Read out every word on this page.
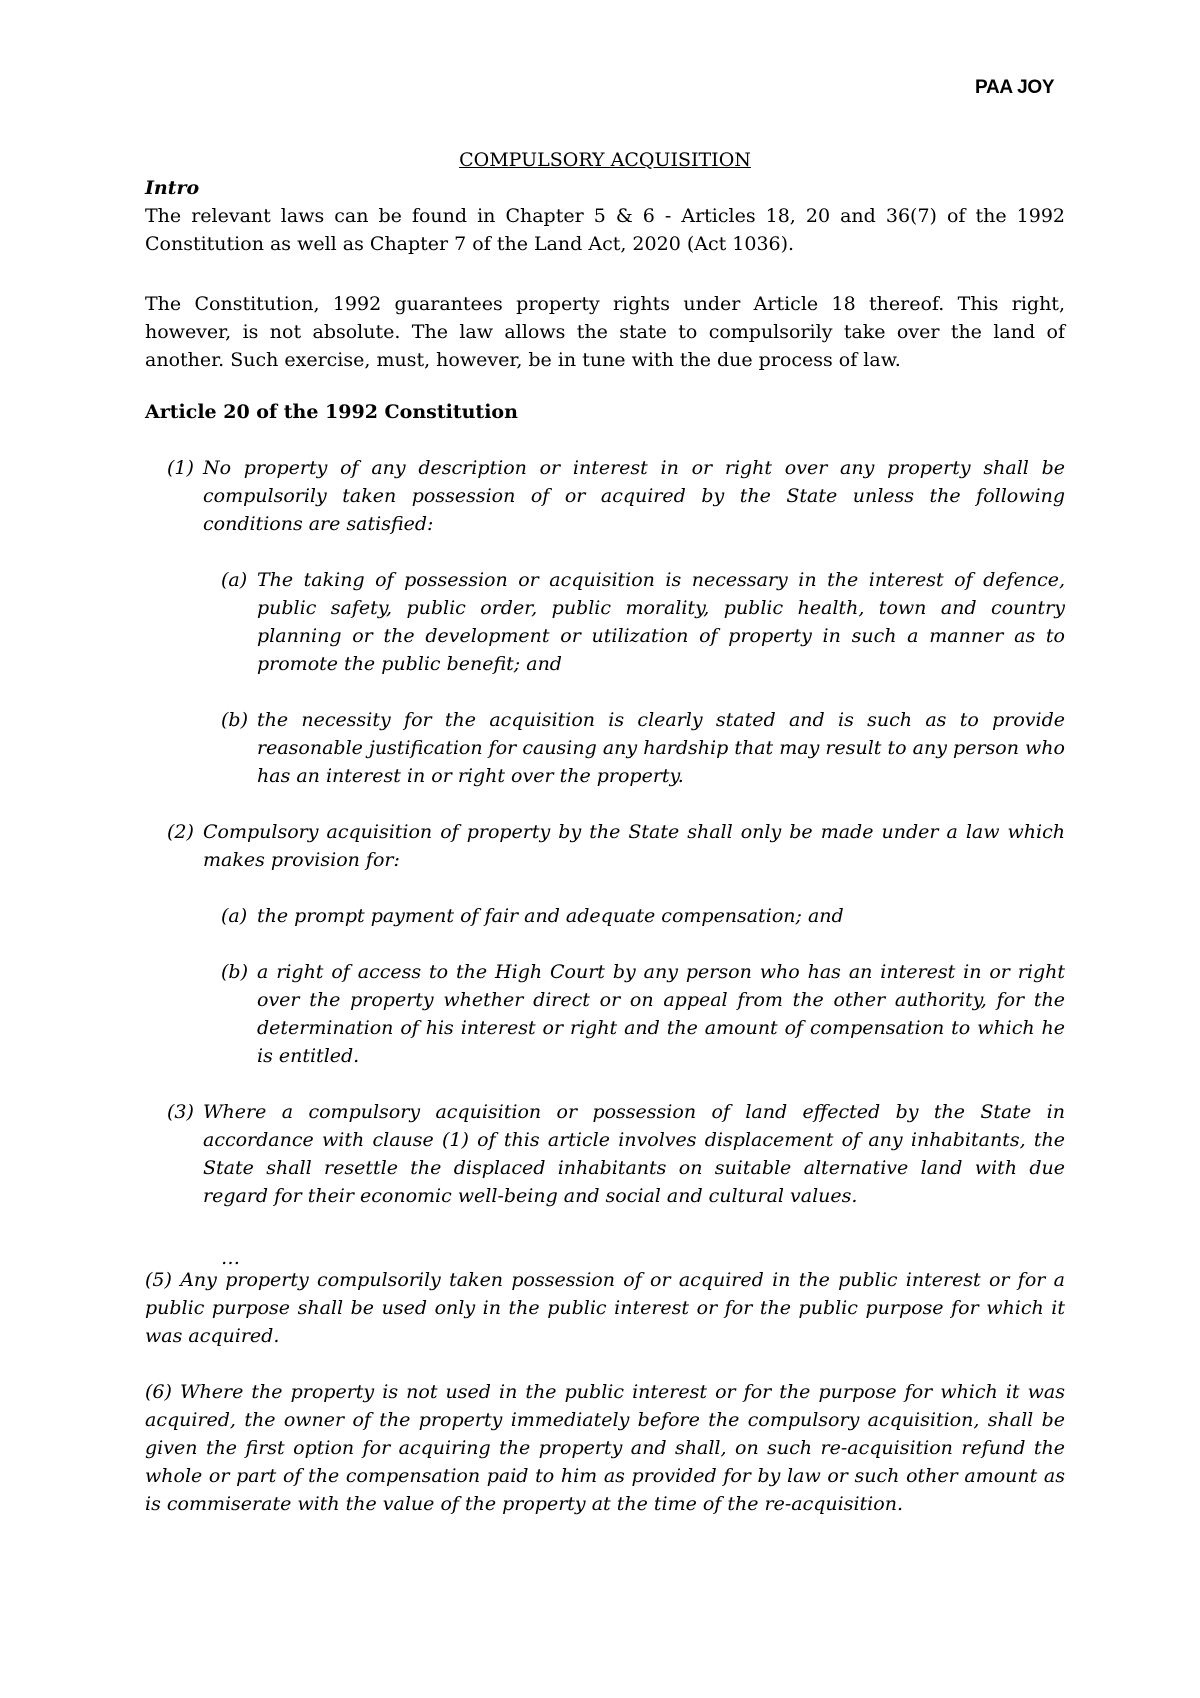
PAA JOY
COMPULSORY ACQUISITION
Intro
The relevant laws can be found in Chapter 5 & 6 - Articles 18, 20 and 36(7) of the 1992 Constitution as well as Chapter 7 of the Land Act, 2020 (Act 1036).
The Constitution, 1992 guarantees property rights under Article 18 thereof. This right, however, is not absolute. The law allows the state to compulsorily take over the land of another. Such exercise, must, however, be in tune with the due process of law.
Article 20 of the 1992 Constitution
(1) No property of any description or interest in or right over any property shall be compulsorily taken possession of or acquired by the State unless the following conditions are satisfied:
(a) The taking of possession or acquisition is necessary in the interest of defence, public safety, public order, public morality, public health, town and country planning or the development or utilization of property in such a manner as to promote the public benefit; and
(b) the necessity for the acquisition is clearly stated and is such as to provide reasonable justification for causing any hardship that may result to any person who has an interest in or right over the property.
(2) Compulsory acquisition of property by the State shall only be made under a law which makes provision for:
(a) the prompt payment of fair and adequate compensation; and
(b) a right of access to the High Court by any person who has an interest in or right over the property whether direct or on appeal from the other authority, for the determination of his interest or right and the amount of compensation to which he is entitled.
(3) Where a compulsory acquisition or possession of land effected by the State in accordance with clause (1) of this article involves displacement of any inhabitants, the State shall resettle the displaced inhabitants on suitable alternative land with due regard for their economic well-being and social and cultural values.
…
(5) Any property compulsorily taken possession of or acquired in the public interest or for a public purpose shall be used only in the public interest or for the public purpose for which it was acquired.
(6) Where the property is not used in the public interest or for the purpose for which it was acquired, the owner of the property immediately before the compulsory acquisition, shall be given the first option for acquiring the property and shall, on such re-acquisition refund the whole or part of the compensation paid to him as provided for by law or such other amount as is commiserate with the value of the property at the time of the re-acquisition.
